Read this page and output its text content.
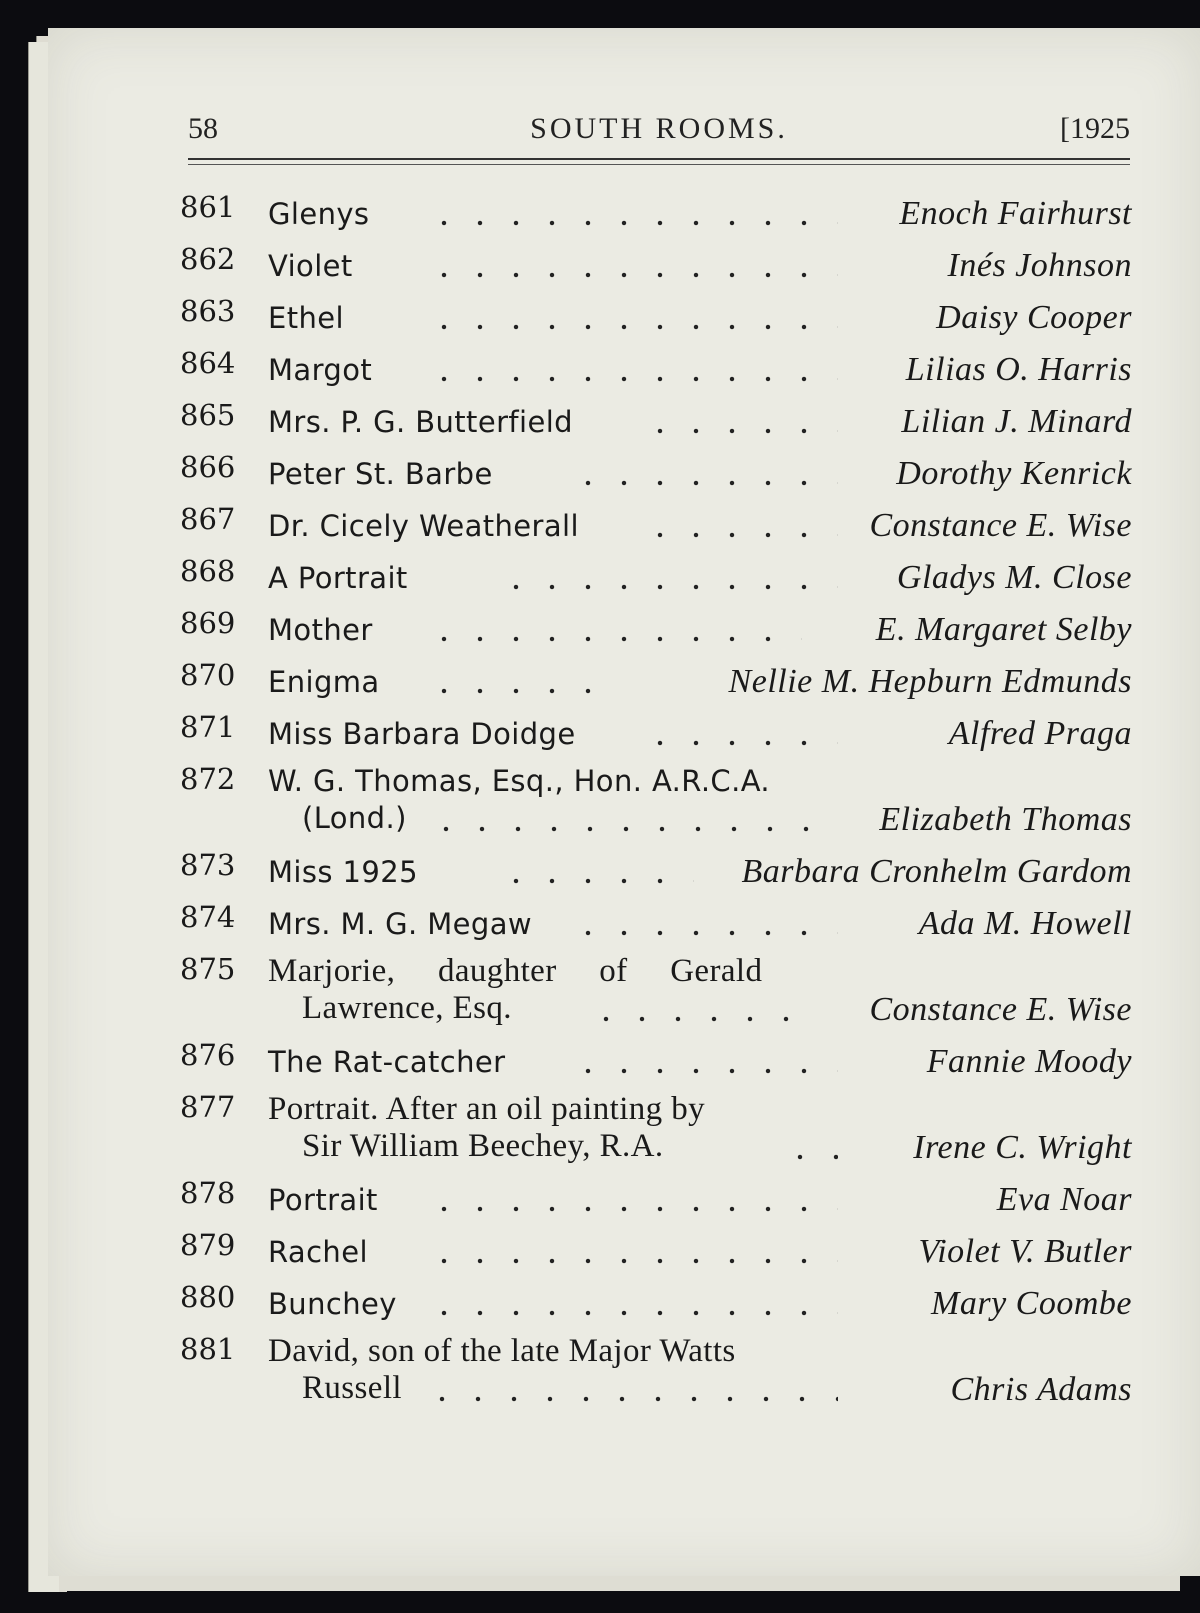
58	SOUTH ROOMS.	[1925
861	Glenys	Enoch Fairhurst
862	Violet	Inés Johnson
863	Ethel	Daisy Cooper
864	Margot	Lilias O. Harris
865	Mrs. P. G. Butterfield	Lilian J. Minard
866	Peter St. Barbe	Dorothy Kenrick
867	Dr. Cicely Weatherall	Constance E. Wise
868	A Portrait	Gladys M. Close
869	Mother	E. Margaret Selby
870	Enigma	Nellie M. Hepburn Edmunds
871	Miss Barbara Doidge	Alfred Praga
872	W. G. Thomas, Esq., Hon. A.R.C.A.
(Lond.)	Elizabeth Thomas
873	Miss 1925	Barbara Cronhelm Gardom
874	Mrs. M. G. Megaw	Ada M. Howell
875 Marjorie, daughter of Gerald
Lawrence, Esq.	Constance E. Wise
876	The Rat-catcher	Fannie Moody
877 Portrait. After an oil painting by
Sir William Beechey, R.A.	Irene C. Wright
878	Portrait	Eva Noar
879	Rachel	Violet V. Butler
880	Bunchey	Mary Coombe
881 David, son of the late Major Watts
Russell	Chris Adams
